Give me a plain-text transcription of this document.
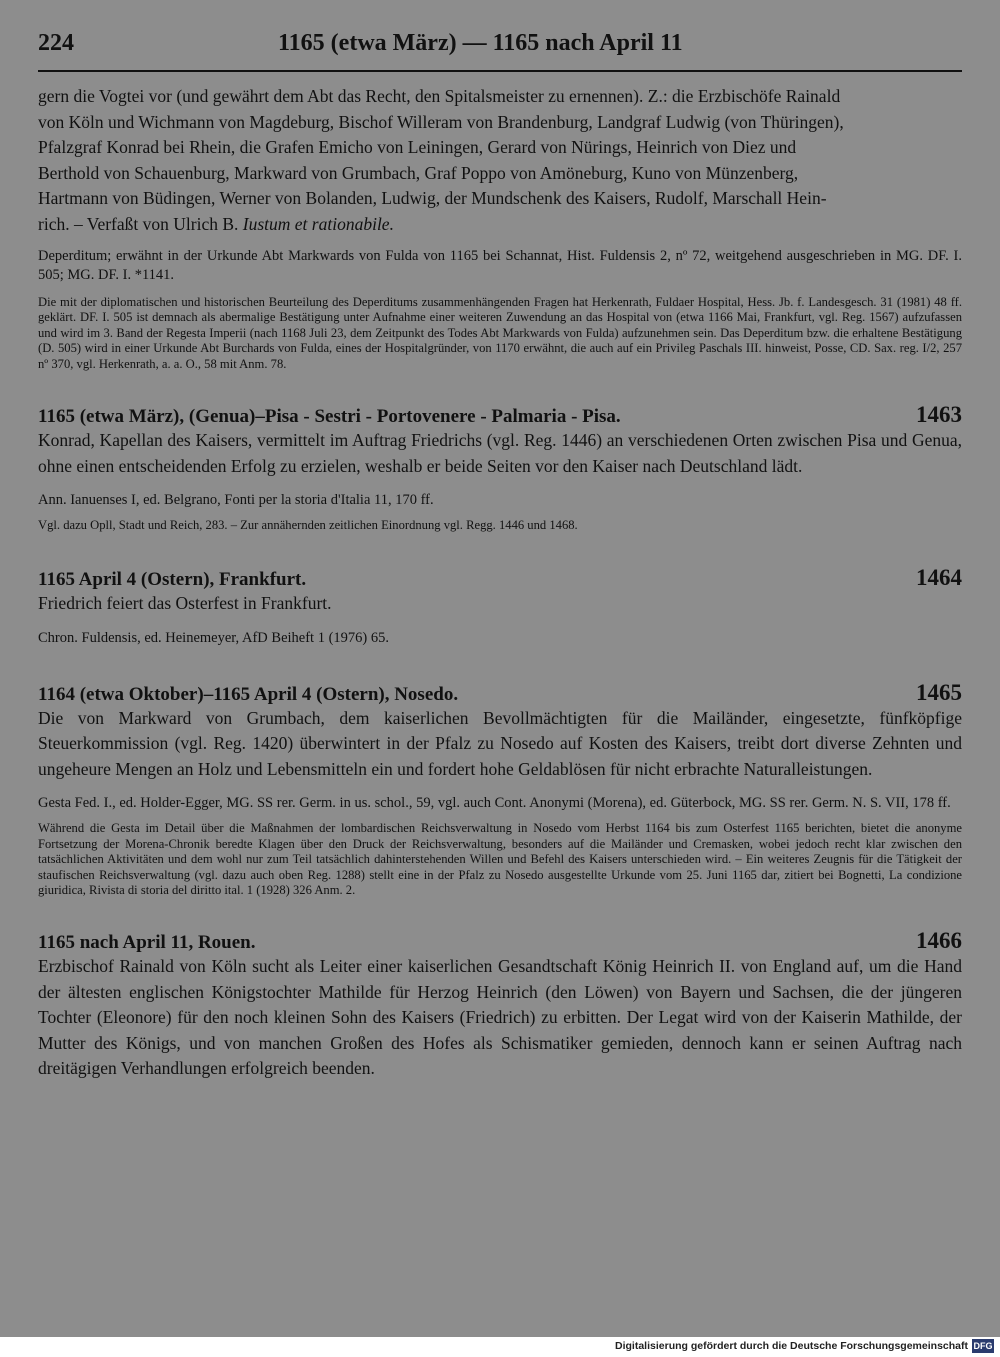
224	1165 (etwa März) — 1165 nach April 11
gern die Vogtei vor (und gewährt dem Abt das Recht, den Spitalsmeister zu ernennen). Z.: die Erzbischöfe Rainald
von Köln und Wichmann von Magdeburg, Bischof Willeram von Brandenburg, Landgraf Ludwig (von Thüringen),
Pfalzgraf Konrad bei Rhein, die Grafen Emicho von Leiningen, Gerard von Nürings, Heinrich von Diez und
Berthold von Schauenburg, Markward von Grumbach, Graf Poppo von Amöneburg, Kuno von Münzenberg,
Hartmann von Büdingen, Werner von Bolanden, Ludwig, der Mundschenk des Kaisers, Rudolf, Marschall Hein-
rich. – Verfaßt von Ulrich B. Iustum et rationabile.

Deperditum; erwähnt in der Urkunde Abt Markwards von Fulda von 1165 bei Schannat, Hist. Fuldensis 2, nº 72, weitgehend ausgeschrieben in MG. DF. I. 505; MG. DF. I. *1141.

Die mit der diplomatischen und historischen Beurteilung des Deperditums zusammenhängenden Fragen hat Herkenrath, Fuldaer Hospital, Hess. Jb. f. Landesgesch. 31 (1981) 48 ff. geklärt. DF. I. 505 ist demnach als abermalige Bestätigung unter Aufnahme einer weiteren Zuwendung an das Hospital von (etwa 1166 Mai, Frankfurt, vgl. Reg. 1567) aufzufassen und wird im 3. Band der Regesta Imperii (nach 1168 Juli 23, dem Zeitpunkt des Todes Abt Markwards von Fulda) aufzunehmen sein. Das Deperditum bzw. die erhaltene Bestätigung (D. 505) wird in einer Urkunde Abt Burchards von Fulda, eines der Hospitalgründer, von 1170 erwähnt, die auch auf ein Privileg Paschals III. hinweist, Posse, CD. Sax. reg. I/2, 257 nº 370, vgl. Herkenrath, a. a. O., 58 mit Anm. 78.

1165 (etwa März), (Genua)–Pisa - Sestri - Portovenere - Palmaria - Pisa.	1463

Konrad, Kapellan des Kaisers, vermittelt im Auftrag Friedrichs (vgl. Reg. 1446) an verschiedenen Orten zwischen Pisa und Genua, ohne einen entscheidenden Erfolg zu erzielen, weshalb er beide Seiten vor den Kaiser nach Deutschland lädt.

Ann. Ianuenses I, ed. Belgrano, Fonti per la storia d'Italia 11, 170 ff.

Vgl. dazu Opll, Stadt und Reich, 283. – Zur annähernden zeitlichen Einordnung vgl. Regg. 1446 und 1468.

1165 April 4 (Ostern), Frankfurt.	1464

Friedrich feiert das Osterfest in Frankfurt.

Chron. Fuldensis, ed. Heinemeyer, AfD Beiheft 1 (1976) 65.

1164 (etwa Oktober)–1165 April 4 (Ostern), Nosedo.	1465

Die von Markward von Grumbach, dem kaiserlichen Bevollmächtigten für die Mailänder, eingesetzte, fünfköpfige Steuerkommission (vgl. Reg. 1420) überwintert in der Pfalz zu Nosedo auf Kosten des Kaisers, treibt dort diverse Zehnten und ungeheure Mengen an Holz und Lebensmitteln ein und fordert hohe Geldablösen für nicht erbrachte Naturalleistungen.

Gesta Fed. I., ed. Holder-Egger, MG. SS rer. Germ. in us. schol., 59, vgl. auch Cont. Anonymi (Morena), ed. Güterbock, MG. SS rer. Germ. N. S. VII, 178 ff.

Während die Gesta im Detail über die Maßnahmen der lombardischen Reichsverwaltung in Nosedo vom Herbst 1164 bis zum Osterfest 1165 berichten, bietet die anonyme Fortsetzung der Morena-Chronik beredte Klagen über den Druck der Reichsverwaltung, besonders auf die Mailänder und Cremasken, wobei jedoch recht klar zwischen den tatsächlichen Aktivitäten und dem wohl nur zum Teil tatsächlich dahinterstehenden Willen und Befehl des Kaisers unterschieden wird. – Ein weiteres Zeugnis für die Tätigkeit der staufischen Reichsverwaltung (vgl. dazu auch oben Reg. 1288) stellt eine in der Pfalz zu Nosedo ausgestellte Urkunde vom 25. Juni 1165 dar, zitiert bei Bognetti, La condizione giuridica, Rivista di storia del diritto ital. 1 (1928) 326 Anm. 2.

1165 nach April 11, Rouen.	1466

Erzbischof Rainald von Köln sucht als Leiter einer kaiserlichen Gesandtschaft König Heinrich II. von England auf, um die Hand der ältesten englischen Königstochter Mathilde für Herzog Heinrich (den Löwen) von Bayern und Sachsen, die der jüngeren Tochter (Eleonore) für den noch kleinen Sohn des Kaisers (Friedrich) zu erbitten. Der Legat wird von der Kaiserin Mathilde, der Mutter des Königs, und von manchen Großen des Hofes als Schismatiker gemieden, dennoch kann er seinen Auftrag nach dreitägigen Verhandlungen erfolgreich beenden.

Digitalisierung gefördert durch die Deutsche Forschungsgemeinschaft DFG
